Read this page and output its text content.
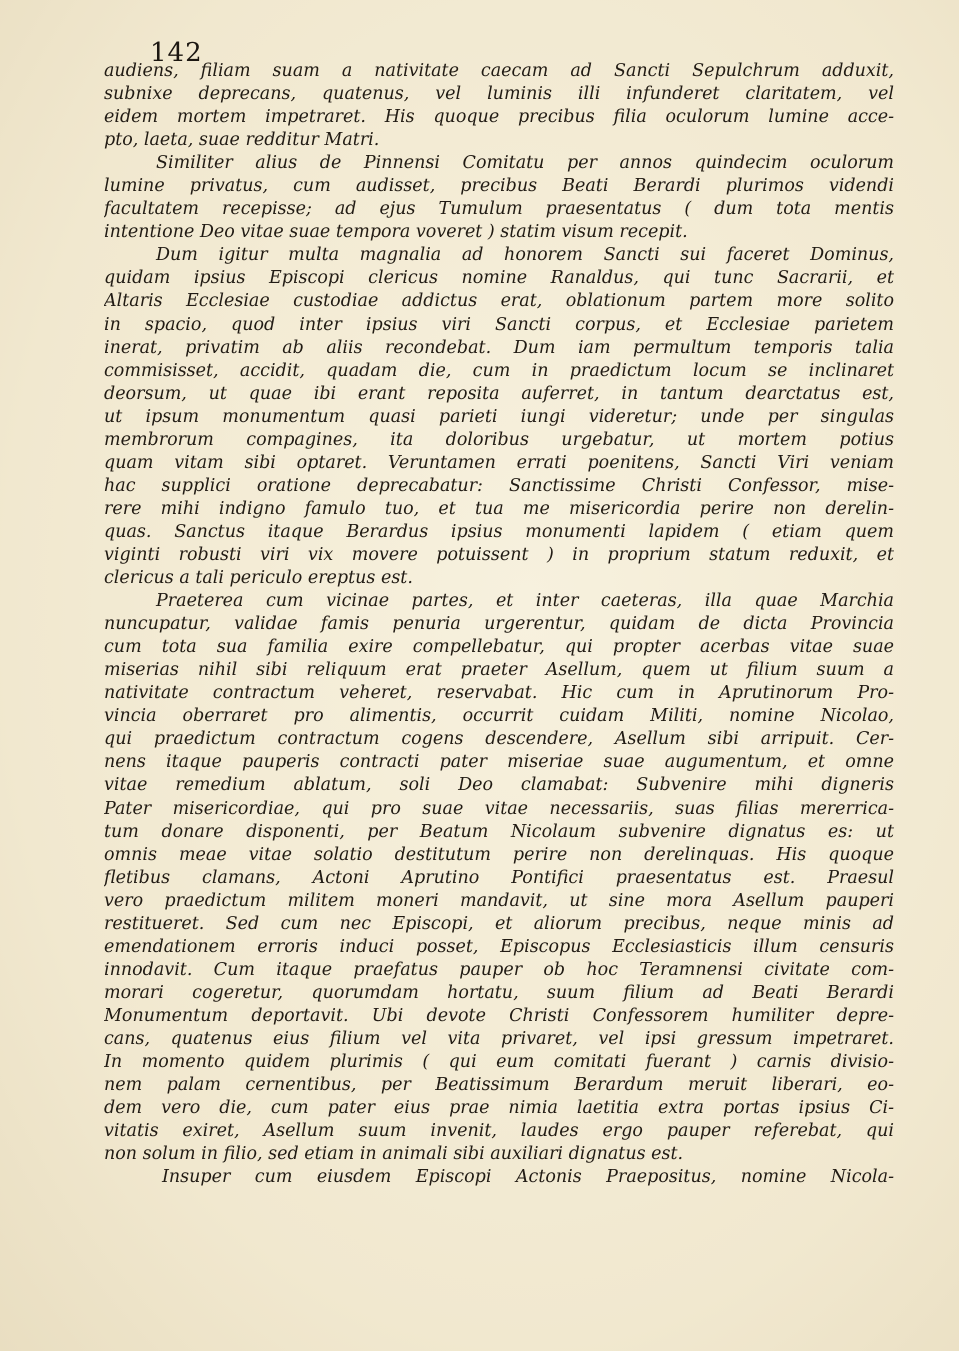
142
audiens, filiam suam a nativitate caecam ad Sancti Sepulchrum adduxit,
subnixe deprecans, quatenus, vel luminis illi infunderet claritatem, vel
eidem mortem impetraret. His quoque precibus filia oculorum lumine acce-
pto, laeta, suae redditur Matri.
Similiter alius de Pinnensi Comitatu per annos quindecim oculorum
lumine privatus, cum audisset, precibus Beati Berardi plurimos videndi
facultatem recepisse; ad ejus Tumulum praesentatus ( dum tota mentis
intentione Deo vitae suae tempora voveret ) statim visum recepit.
Dum igitur multa magnalia ad honorem Sancti sui faceret Dominus,
quidam ipsius Episcopi clericus nomine Ranaldus, qui tunc Sacrarii, et
Altaris Ecclesiae custodiae addictus erat, oblationum partem more solito
in spacio, quod inter ipsius viri Sancti corpus, et Ecclesiae parietem
inerat, privatim ab aliis recondebat. Dum iam permultum temporis talia
commisisset, accidit, quadam die, cum in praedictum locum se inclinaret
deorsum, ut quae ibi erant reposita auferret, in tantum dearctatus est,
ut ipsum monumentum quasi parieti iungi videretur; unde per singulas
membrorum compagines, ita doloribus urgebatur, ut mortem potius
quam vitam sibi optaret. Veruntamen errati poenitens, Sancti Viri veniam
hac supplici oratione deprecabatur: Sanctissime Christi Confessor, mise-
rere mihi indigno famulo tuo, et tua me misericordia perire non derelin-
quas. Sanctus itaque Berardus ipsius monumenti lapidem ( etiam quem
viginti robusti viri vix movere potuissent ) in proprium statum reduxit, et
clericus a tali periculo ereptus est.
Praeterea cum vicinae partes, et inter caeteras, illa quae Marchia
nuncupatur, validae famis penuria urgerentur, quidam de dicta Provincia
cum tota sua familia exire compellebatur, qui propter acerbas vitae suae
miserias nihil sibi reliquum erat praeter Asellum, quem ut filium suum a
nativitate contractum veheret, reservabat. Hic cum in Aprutinorum Pro-
vincia oberraret pro alimentis, occurrit cuidam Militi, nomine Nicolao,
qui praedictum contractum cogens descendere, Asellum sibi arripuit. Cer-
nens itaque pauperis contracti pater miseriae suae augumentum, et omne
vitae remedium ablatum, soli Deo clamabat: Subvenire mihi digneris
Pater misericordiae, qui pro suae vitae necessariis, suas filias mererrica-
tum donare disponenti, per Beatum Nicolaum subvenire dignatus es: ut
omnis meae vitae solatio destitutum perire non derelinquas. His quoque
fletibus clamans, Actoni Aprutino Pontifici praesentatus est. Praesul
vero praedictum militem moneri mandavit, ut sine mora Asellum pauperi
restitueret. Sed cum nec Episcopi, et aliorum precibus, neque minis ad
emendationem erroris induci posset, Episcopus Ecclesiasticis illum censuris
innodavit. Cum itaque praefatus pauper ob hoc Teramnensi civitate com-
morari cogeretur, quorumdam hortatu, suum filium ad Beati Berardi
Monumentum deportavit. Ubi devote Christi Confessorem humiliter depre-
cans, quatenus eius filium vel vita privaret, vel ipsi gressum impetraret.
In momento quidem plurimis ( qui eum comitati fuerant ) carnis divisio-
nem palam cernentibus, per Beatissimum Berardum meruit liberari, eo-
dem vero die, cum pater eius prae nimia laetitia extra portas ipsius Ci-
vitatis exiret, Asellum suum invenit, laudes ergo pauper referebat, qui
non solum in filio, sed etiam in animali sibi auxiliari dignatus est.
Insuper cum eiusdem Episcopi Actonis Praepositus, nomine Nicola-
